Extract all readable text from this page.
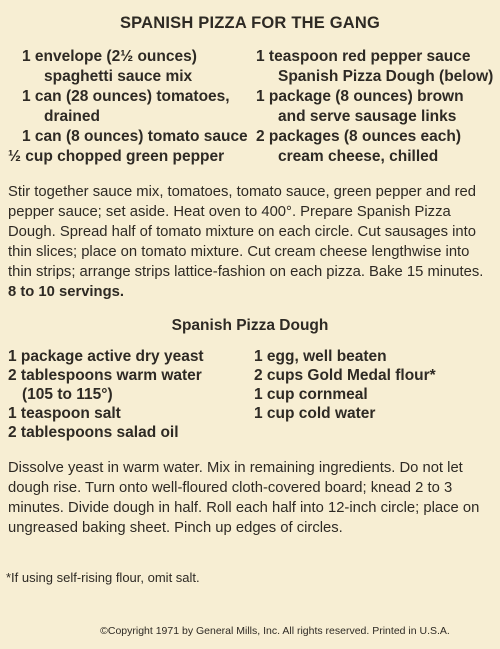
SPANISH PIZZA FOR THE GANG
1 envelope (2½ ounces)
spaghetti sauce mix
1 can (28 ounces) tomatoes,
drained
1 can (8 ounces) tomato sauce
½ cup chopped green pepper
1 teaspoon red pepper sauce
Spanish Pizza Dough (below)
1 package (8 ounces) brown
and serve sausage links
2 packages (8 ounces each)
cream cheese, chilled
Stir together sauce mix, tomatoes, tomato sauce, green pepper and red pepper sauce; set aside. Heat oven to 400°. Prepare Spanish Pizza Dough. Spread half of tomato mixture on each circle. Cut sausages into thin slices; place on tomato mixture. Cut cream cheese lengthwise into thin strips; arrange strips lattice-fashion on each pizza. Bake 15 minutes. 8 to 10 servings.
Spanish Pizza Dough
1 package active dry yeast
2 tablespoons warm water
(105 to 115°)
1 teaspoon salt
2 tablespoons salad oil
1 egg, well beaten
2 cups Gold Medal flour*
1 cup cornmeal
1 cup cold water
Dissolve yeast in warm water. Mix in remaining ingredients. Do not let dough rise. Turn onto well-floured cloth-covered board; knead 2 to 3 minutes. Divide dough in half. Roll each half into 12-inch circle; place on ungreased baking sheet. Pinch up edges of circles.
*If using self-rising flour, omit salt.
©Copyright 1971 by General Mills, Inc. All rights reserved. Printed in U.S.A.
